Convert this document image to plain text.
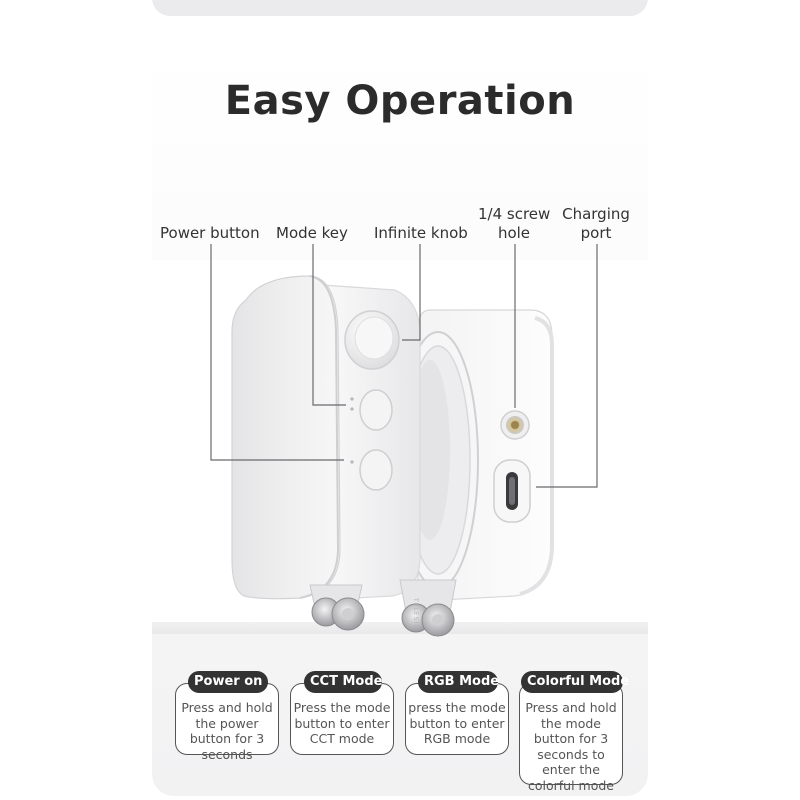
Easy Operation
Power button Mode key Infinite knob
1/4 screw
hole
Charging
port
TELESIN
Press and hold the power button for 3 seconds
Power on
Press the mode button to enter CCT mode
CCT Mode
press the mode button to enter RGB mode
RGB Mode
Press and hold the mode button for 3 seconds to enter the colorful mode
Colorful Mode
